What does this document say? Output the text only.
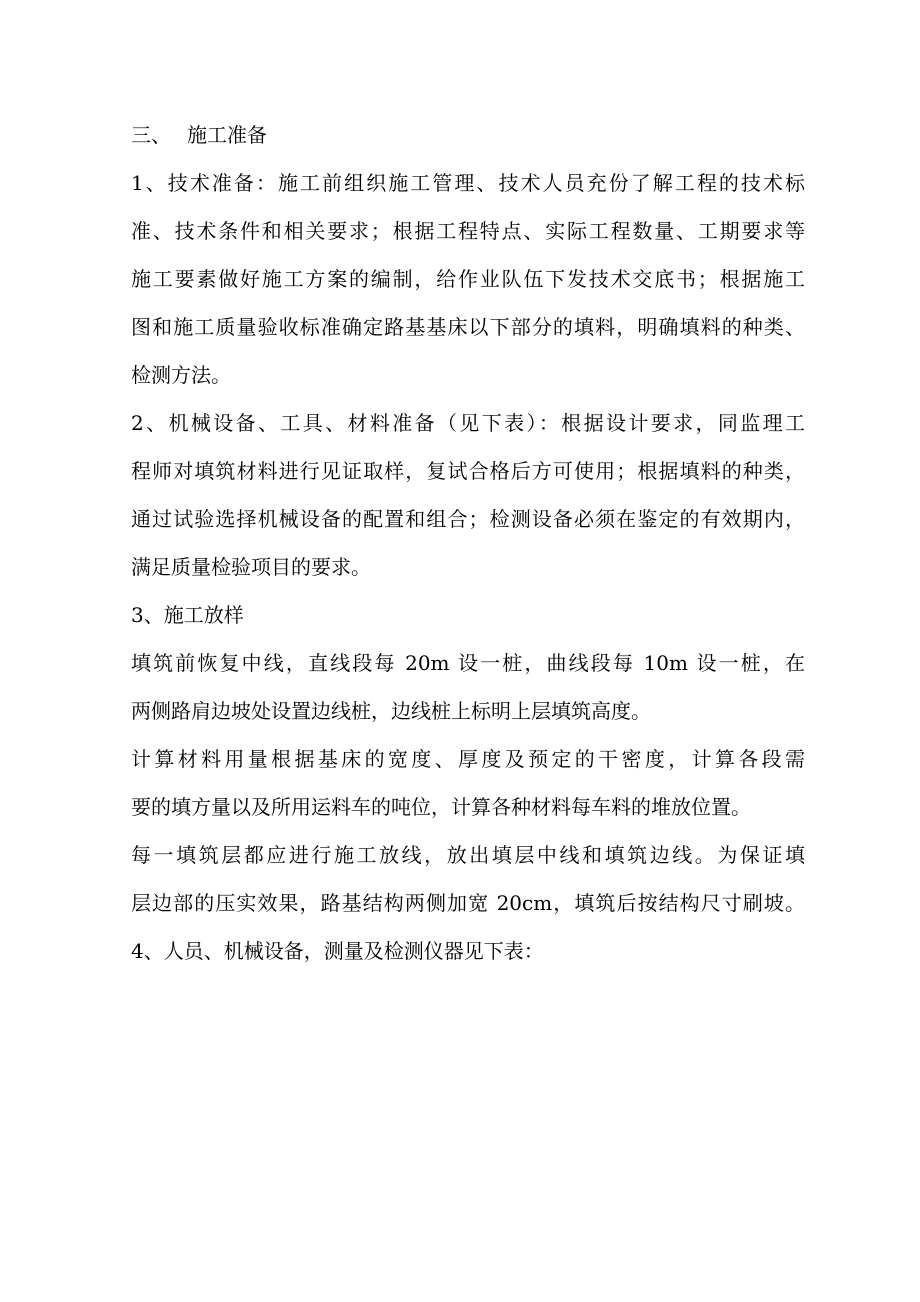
三、 施工准备
1、技术准备：施工前组织施工管理、技术人员充份了解工程的技术标
准、技术条件和相关要求；根据工程特点、实际工程数量、工期要求等
施工要素做好施工方案的编制，给作业队伍下发技术交底书；根据施工
图和施工质量验收标准确定路基基床以下部分的填料，明确填料的种类、
检测方法。
2、机械设备、工具、材料准备（见下表）：根据设计要求，同监理工
程师对填筑材料进行见证取样，复试合格后方可使用；根据填料的种类，
通过试验选择机械设备的配置和组合；检测设备必须在鉴定的有效期内，
满足质量检验项目的要求。
3、施工放样
填筑前恢复中线，直线段每 20m 设一桩，曲线段每 10m 设一桩，在
两侧路肩边坡处设置边线桩，边线桩上标明上层填筑高度。
计算材料用量根据基床的宽度、厚度及预定的干密度，计算各段需
要的填方量以及所用运料车的吨位，计算各种材料每车料的堆放位置。
每一填筑层都应进行施工放线，放出填层中线和填筑边线。为保证填
层边部的压实效果，路基结构两侧加宽 20cm，填筑后按结构尺寸刷坡。
4、人员、机械设备，测量及检测仪器见下表：
